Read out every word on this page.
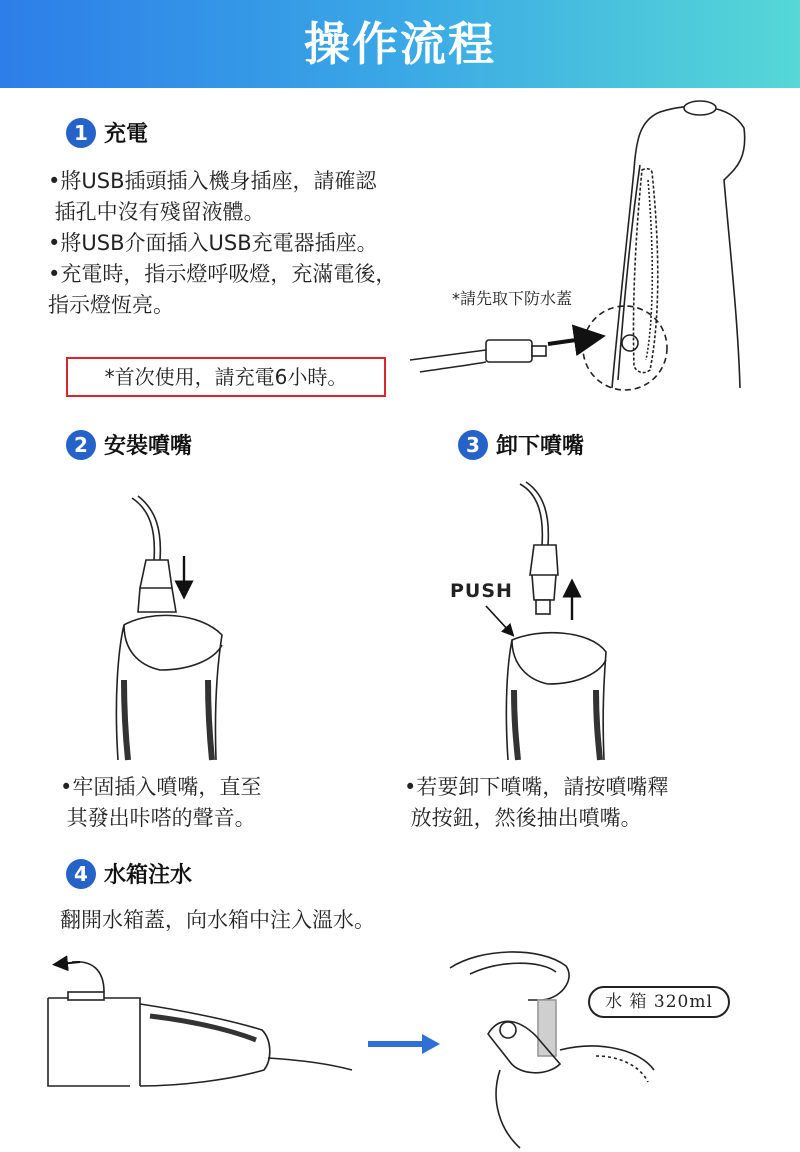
操作流程
1 充電
•將USB插頭插入機身插座，請確認
插孔中沒有殘留液體。
•將USB介面插入USB充電器插座。
•充電時，指示燈呼吸燈，充滿電後，
指示燈恆亮。
*首次使用，請充電6小時。
*請先取下防水蓋
2 安裝噴嘴	3 卸下噴嘴
PUSH
•牢固插入噴嘴，直至
其發出咔嗒的聲音。
•若要卸下噴嘴，請按噴嘴釋
放按鈕，然後抽出噴嘴。
4 水箱注水
翻開水箱蓋，向水箱中注入溫水。
水 箱 320ml
